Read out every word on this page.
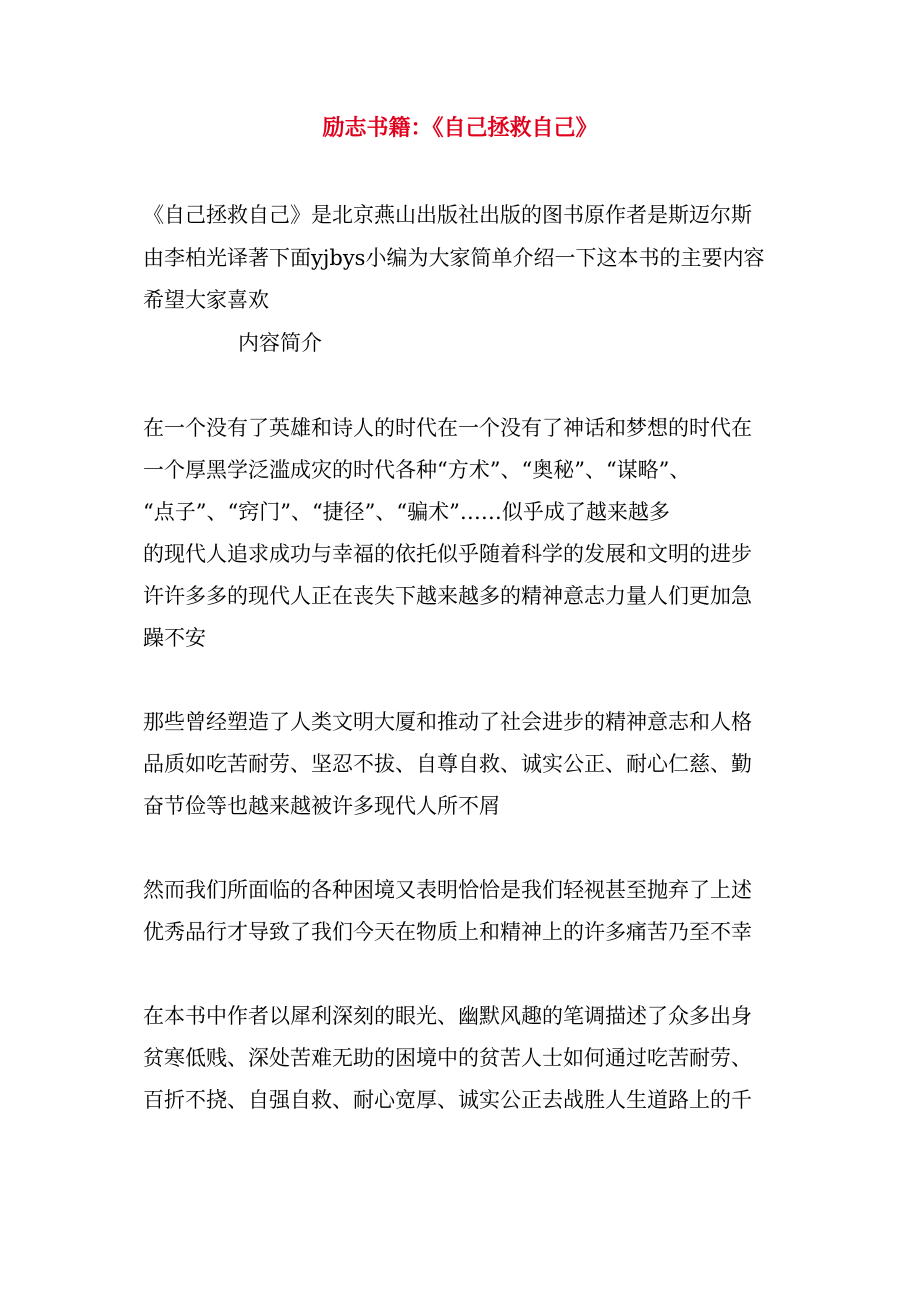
励志书籍：《自己拯救自己》
《自己拯救自己》是北京燕山出版社出版的图书原作者是斯迈尔斯
由李柏光译著下面yjbys小编为大家简单介绍一下这本书的主要内容
希望大家喜欢
内容简介
在一个没有了英雄和诗人的时代在一个没有了神话和梦想的时代在
一个厚黑学泛滥成灾的时代各种“方术”、“奥秘”、“谋略”、
“点子”、“窍门”、“捷径”、“骗术”……似乎成了越来越多
的现代人追求成功与幸福的依托似乎随着科学的发展和文明的进步
许许多多的现代人正在丧失下越来越多的精神意志力量人们更加急
躁不安
那些曾经塑造了人类文明大厦和推动了社会进步的精神意志和人格
品质如吃苦耐劳、坚忍不拔、自尊自救、诚实公正、耐心仁慈、勤
奋节俭等也越来越被许多现代人所不屑
然而我们所面临的各种困境又表明恰恰是我们轻视甚至抛弃了上述
优秀品行才导致了我们今天在物质上和精神上的许多痛苦乃至不幸
在本书中作者以犀利深刻的眼光、幽默风趣的笔调描述了众多出身
贫寒低贱、深处苦难无助的困境中的贫苦人士如何通过吃苦耐劳、
百折不挠、自强自救、耐心宽厚、诚实公正去战胜人生道路上的千
